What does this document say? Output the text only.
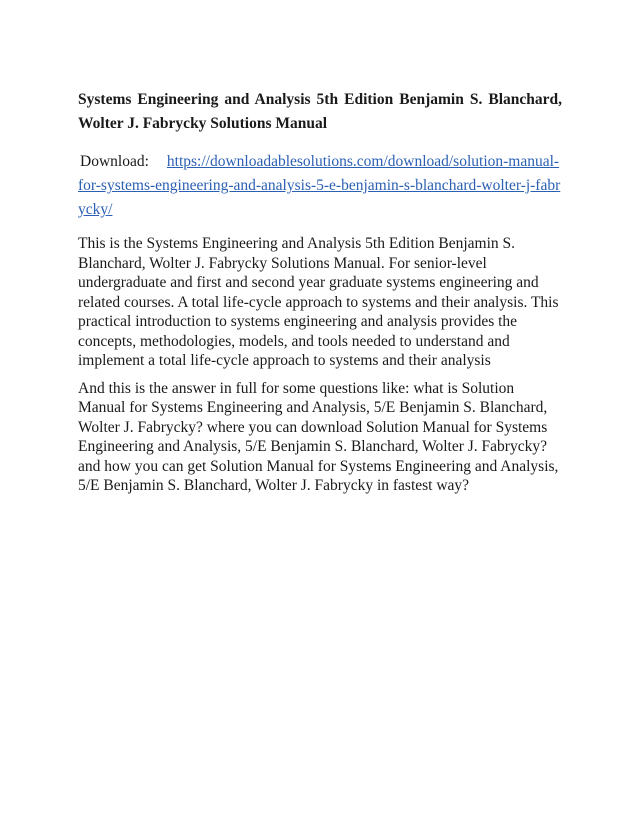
Systems Engineering and Analysis 5th Edition Benjamin S. Blanchard, Wolter J. Fabrycky Solutions Manual

Download: https://downloadablesolutions.com/download/solution-manual-for-systems-engineering-and-analysis-5-e-benjamin-s-blanchard-wolter-j-fabrycky/

This is the Systems Engineering and Analysis 5th Edition Benjamin S. Blanchard, Wolter J. Fabrycky Solutions Manual. For senior-level undergraduate and first and second year graduate systems engineering and related courses. A total life-cycle approach to systems and their analysis. This practical introduction to systems engineering and analysis provides the concepts, methodologies, models, and tools needed to understand and implement a total life-cycle approach to systems and their analysis

And this is the answer in full for some questions like: what is Solution Manual for Systems Engineering and Analysis, 5/E Benjamin S. Blanchard, Wolter J. Fabrycky? where you can download Solution Manual for Systems Engineering and Analysis, 5/E Benjamin S. Blanchard, Wolter J. Fabrycky? and how you can get Solution Manual for Systems Engineering and Analysis, 5/E Benjamin S. Blanchard, Wolter J. Fabrycky in fastest way?
